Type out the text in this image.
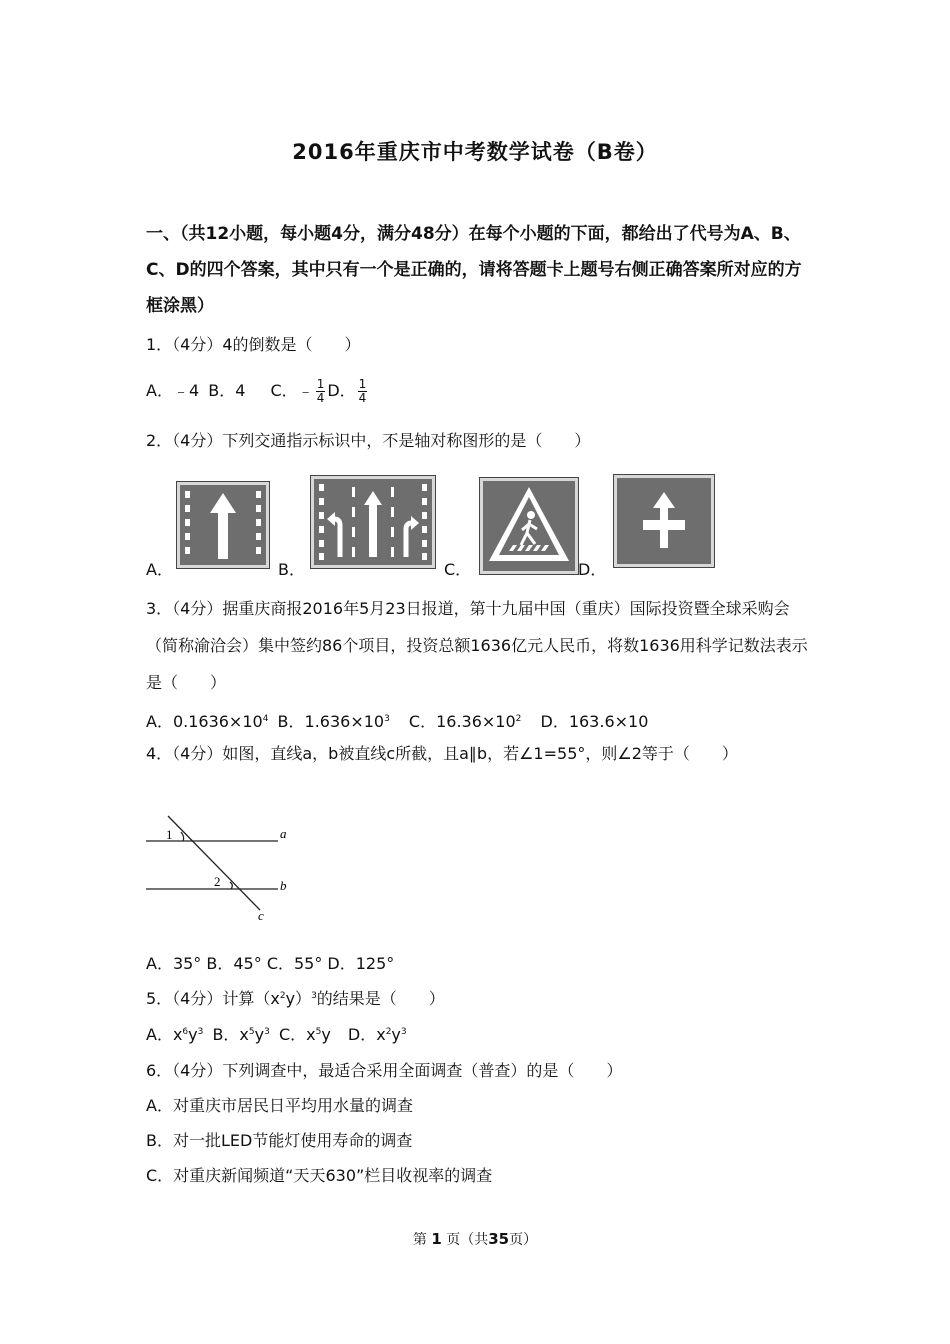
2016年重庆市中考数学试卷（B卷）
一、（共12小题，每小题4分，满分48分）在每个小题的下面，都给出了代号为A、B、C、D的四个答案，其中只有一个是正确的，请将答题卡上题号右侧正确答案所对应的方框涂黑）
1．（4分）4的倒数是（　　）
A．﹣4 B．4 C．﹣ $\frac{1}{4}$ D． $\frac{1}{4}$
2．（4分）下列交通指示标识中，不是轴对称图形的是（　　）
A．	B．	C．	D．
3．（4分）据重庆商报2016年5月23日报道，第十九届中国（重庆）国际投资暨全球采购会（简称渝洽会）集中签约86个项目，投资总额1636亿元人民币，将数1636用科学记数法表示是（　　）
A．$0.1636\times 10^4$ B．$1.636\times 10^3$ C．$16.36\times 10^2$ D．163.6×10
4．（4分）如图，直线a，b被直线c所截，且a∥b，若∠1=55°，则∠2等于（　　）
1
2
a
b
c
A．35° B．45° C．55° D．125°
5．（4分）计算$(x^2y)^3$的结果是（　　）
A．$x^6y^3$ B．$x^5y^3$ C．$x^5y$ D．$x^2y^3$
6．（4分）下列调查中，最适合采用全面调查（普查）的是（　　）
A．对重庆市居民日平均用水量的调查
B．对一批LED节能灯使用寿命的调查
C．对重庆新闻频道“天天630”栏目收视率的调查
第 1 页（共35页）
